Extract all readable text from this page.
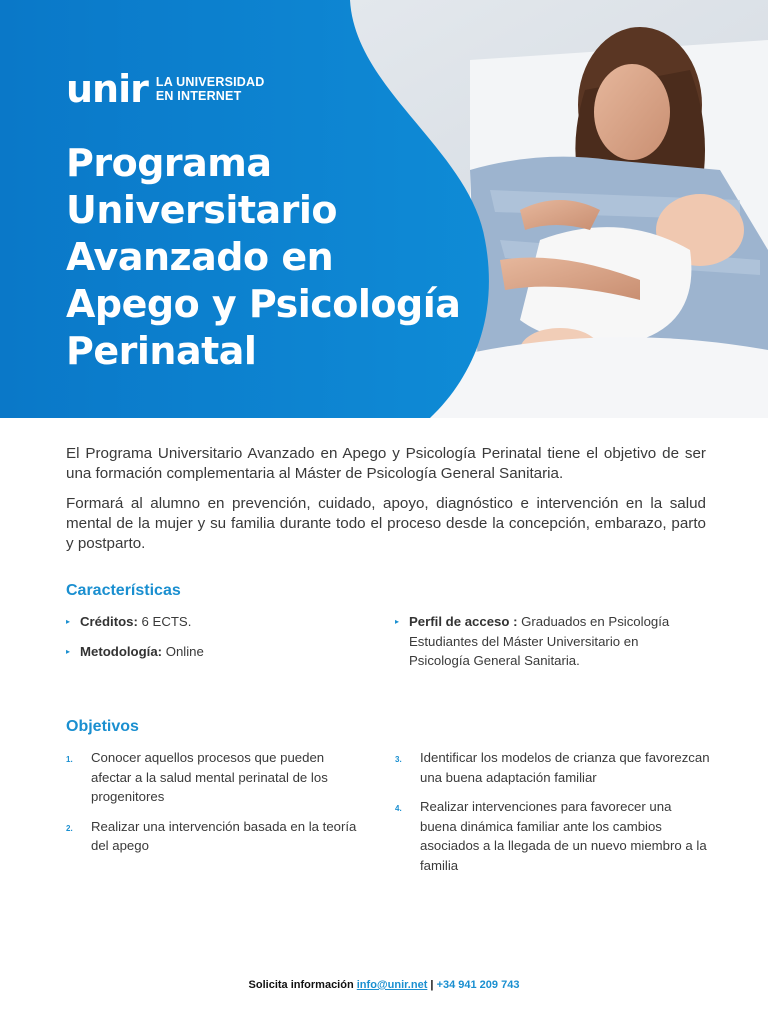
unir LA UNIVERSIDAD
EN INTERNET
Programa
Universitario
Avanzado en
Apego y Psicología
Perinatal

El Programa Universitario Avanzado en Apego y Psicología Perinatal tiene el objetivo de ser una formación complementaria al Máster de Psicología General Sanitaria.

Formará al alumno en prevención, cuidado, apoyo, diagnóstico e intervención en la salud mental de la mujer y su familia durante todo el proceso desde la concepción, embarazo, parto y postparto.

Características
▸ Créditos: 6 ECTS.
▸ Metodología: Online
▸ Perfil de acceso : Graduados en Psicología Estudiantes del Máster Universitario en Psicología General Sanitaria.
Objetivos
1. Conocer aquellos procesos que pueden afectar a la salud mental perinatal de los progenitores
2. Realizar una intervención basada en la teoría del apego
3. Identificar los modelos de crianza que favorezcan una buena adaptación familiar
4. Realizar intervenciones para favorecer una buena dinámica familiar ante los cambios asociados a la llegada de un nuevo miembro a la familia
Solicita información info@unir.net | +34 941 209 743
